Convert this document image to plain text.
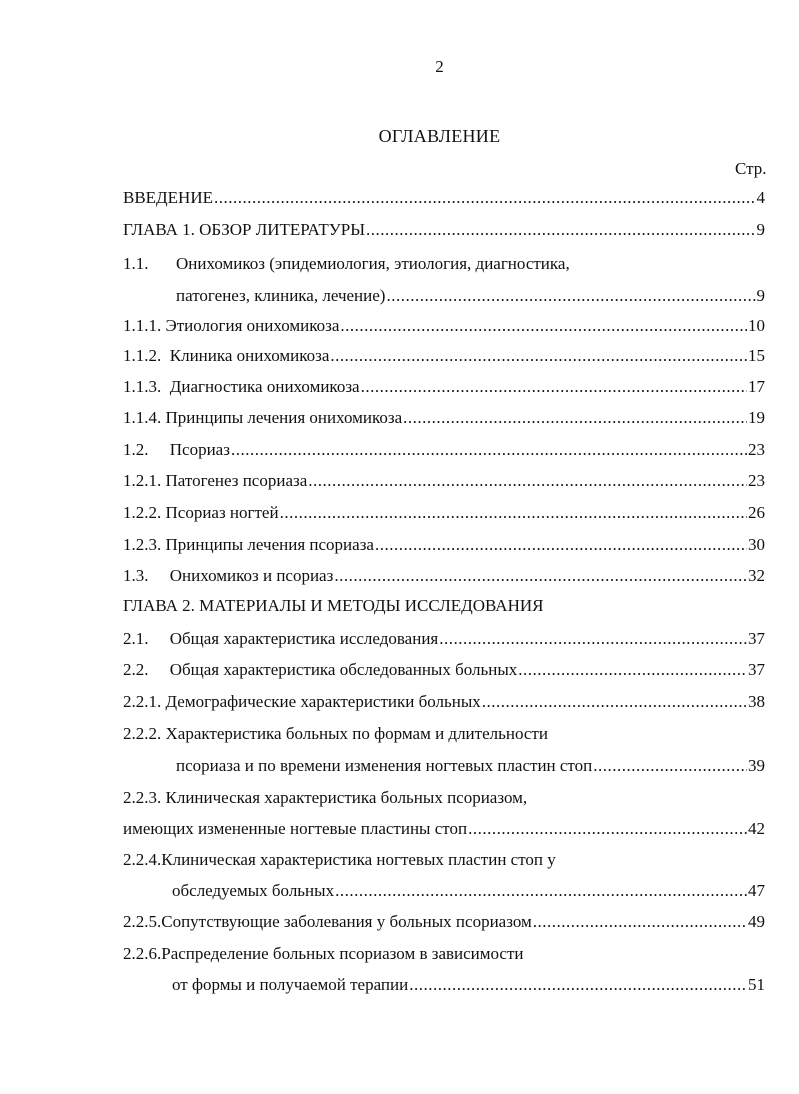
2
ОГЛАВЛЕНИЕ
Стр.
ВВЕДЕНИЕ .....	4
ГЛАВА 1. ОБЗОР ЛИТЕРАТУРЫ .....	9
1.1.	Онихомикоз (эпидемиология, этиология, диагностика,
патогенез, клиника, лечение) .....	9
1.1.1. Этиология онихомикоза .....	10
1.1.2.  Клиника онихомикоза .....	15
1.1.3.  Диагностика онихомикоза .....	17
1.1.4. Принципы лечения онихомикоза .....	19
1.2.     Псориаз .....	23
1.2.1. Патогенез псориаза .....	23
1.2.2. Псориаз ногтей .....	26
1.2.3. Принципы лечения псориаза .....	30
1.3.     Онихомикоз и псориаз .....	32
ГЛАВА 2. МАТЕРИАЛЫ И МЕТОДЫ ИССЛЕДОВАНИЯ
2.1.     Общая характеристика исследования .....	37
2.2.     Общая характеристика обследованных больных .....	37
2.2.1. Демографические характеристики больных .....	38
2.2.2. Характеристика больных по формам и длительности
псориаза и по времени изменения ногтевых пластин стоп .....	39
2.2.3. Клиническая характеристика больных псориазом,
имеющих измененные ногтевые пластины стоп .....	42
2.2.4.Клиническая характеристика ногтевых пластин стоп у
обследуемых больных .....	47
2.2.5.Сопутствующие заболевания у больных псориазом .....	49
2.2.6.Распределение больных псориазом в зависимости
от формы и получаемой терапии .....	51
